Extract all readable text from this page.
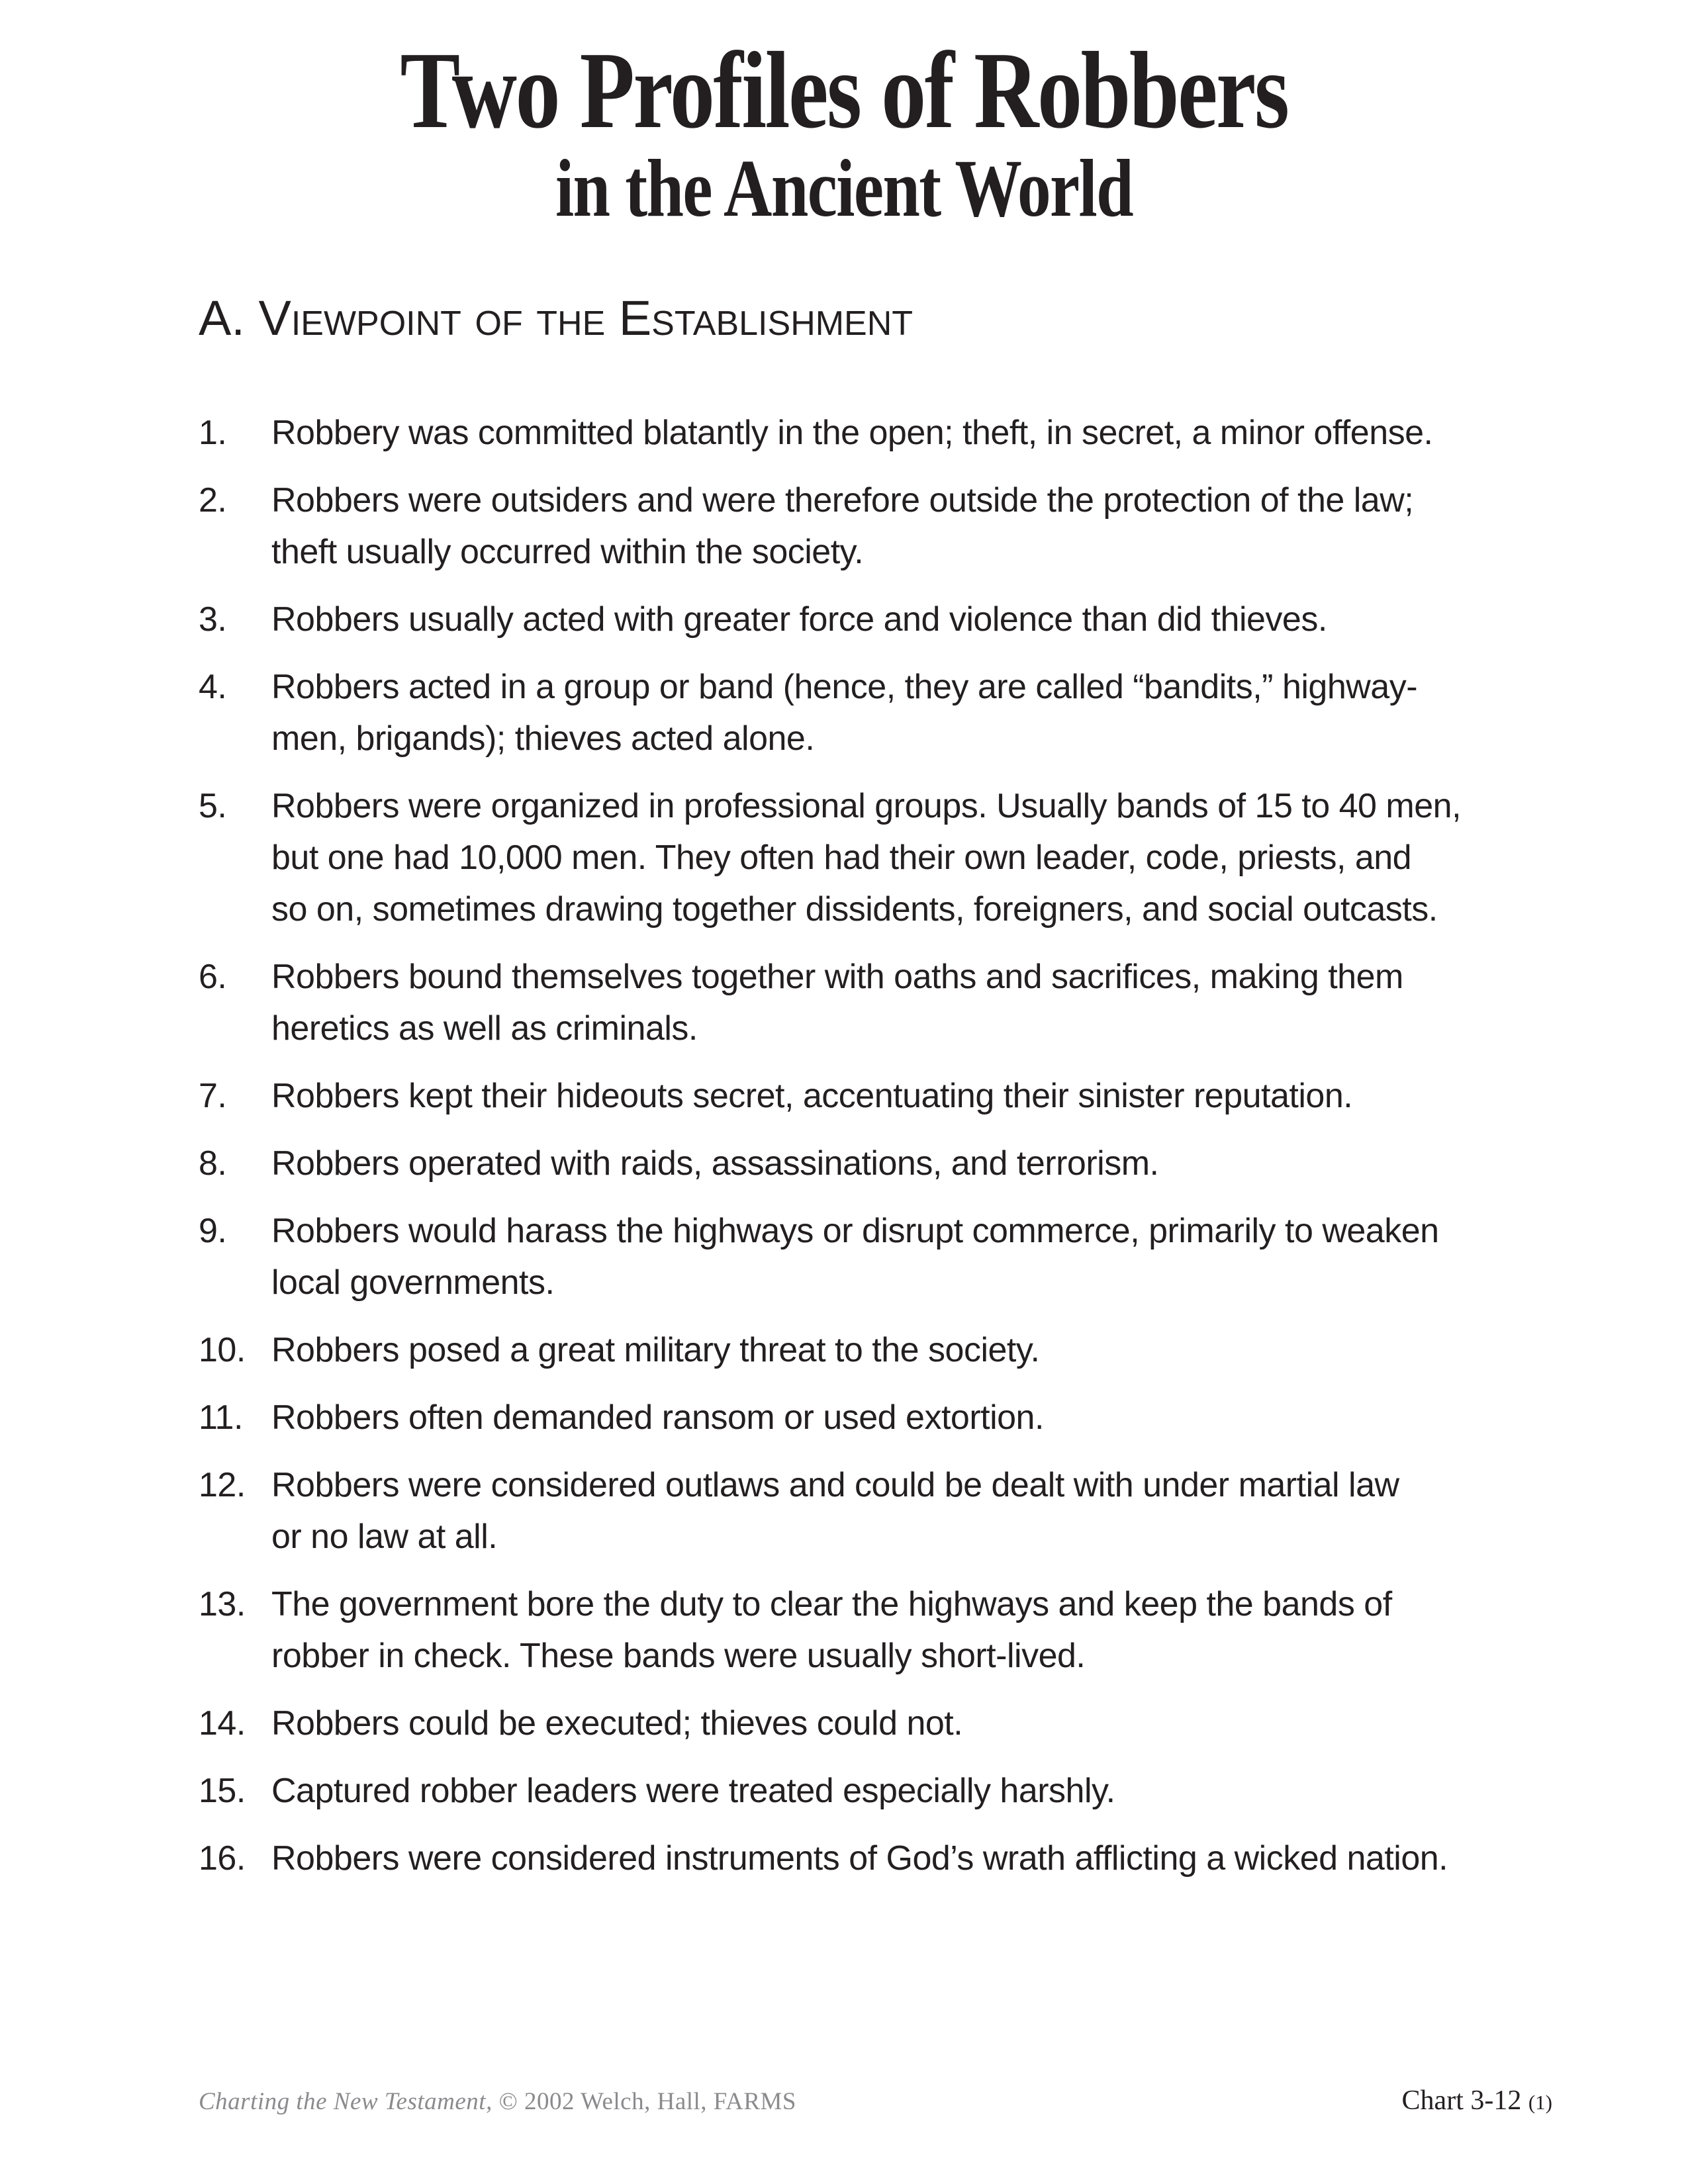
Two Profiles of Robbers
in the Ancient World
A. Viewpoint of the Establishment
1.	Robbery was committed blatantly in the open; theft, in secret, a minor offense.
2.	Robbers were outsiders and were therefore outside the protection of the law;
theft usually occurred within the society.
3.	Robbers usually acted with greater force and violence than did thieves.
4.	Robbers acted in a group or band (hence, they are called “bandits,” highway-
men, brigands); thieves acted alone.
5.	Robbers were organized in professional groups. Usually bands of 15 to 40 men,
but one had 10,000 men. They often had their own leader, code, priests, and
so on, sometimes drawing together dissidents, foreigners, and social outcasts.
6.	Robbers bound themselves together with oaths and sacrifices, making them
heretics as well as criminals.
7.	Robbers kept their hideouts secret, accentuating their sinister reputation.
8.	Robbers operated with raids, assassinations, and terrorism.
9.	Robbers would harass the highways or disrupt commerce, primarily to weaken
local governments.
10. Robbers posed a great military threat to the society.
11. Robbers often demanded ransom or used extortion.
12. Robbers were considered outlaws and could be dealt with under martial law
or no law at all.
13. The government bore the duty to clear the highways and keep the bands of
robber in check. These bands were usually short-lived.
14. Robbers could be executed; thieves could not.
15. Captured robber leaders were treated especially harshly.
16. Robbers were considered instruments of God’s wrath afflicting a wicked nation.
Charting the New Testament, © 2002 Welch, Hall, FARMS	Chart 3-12 (1)
